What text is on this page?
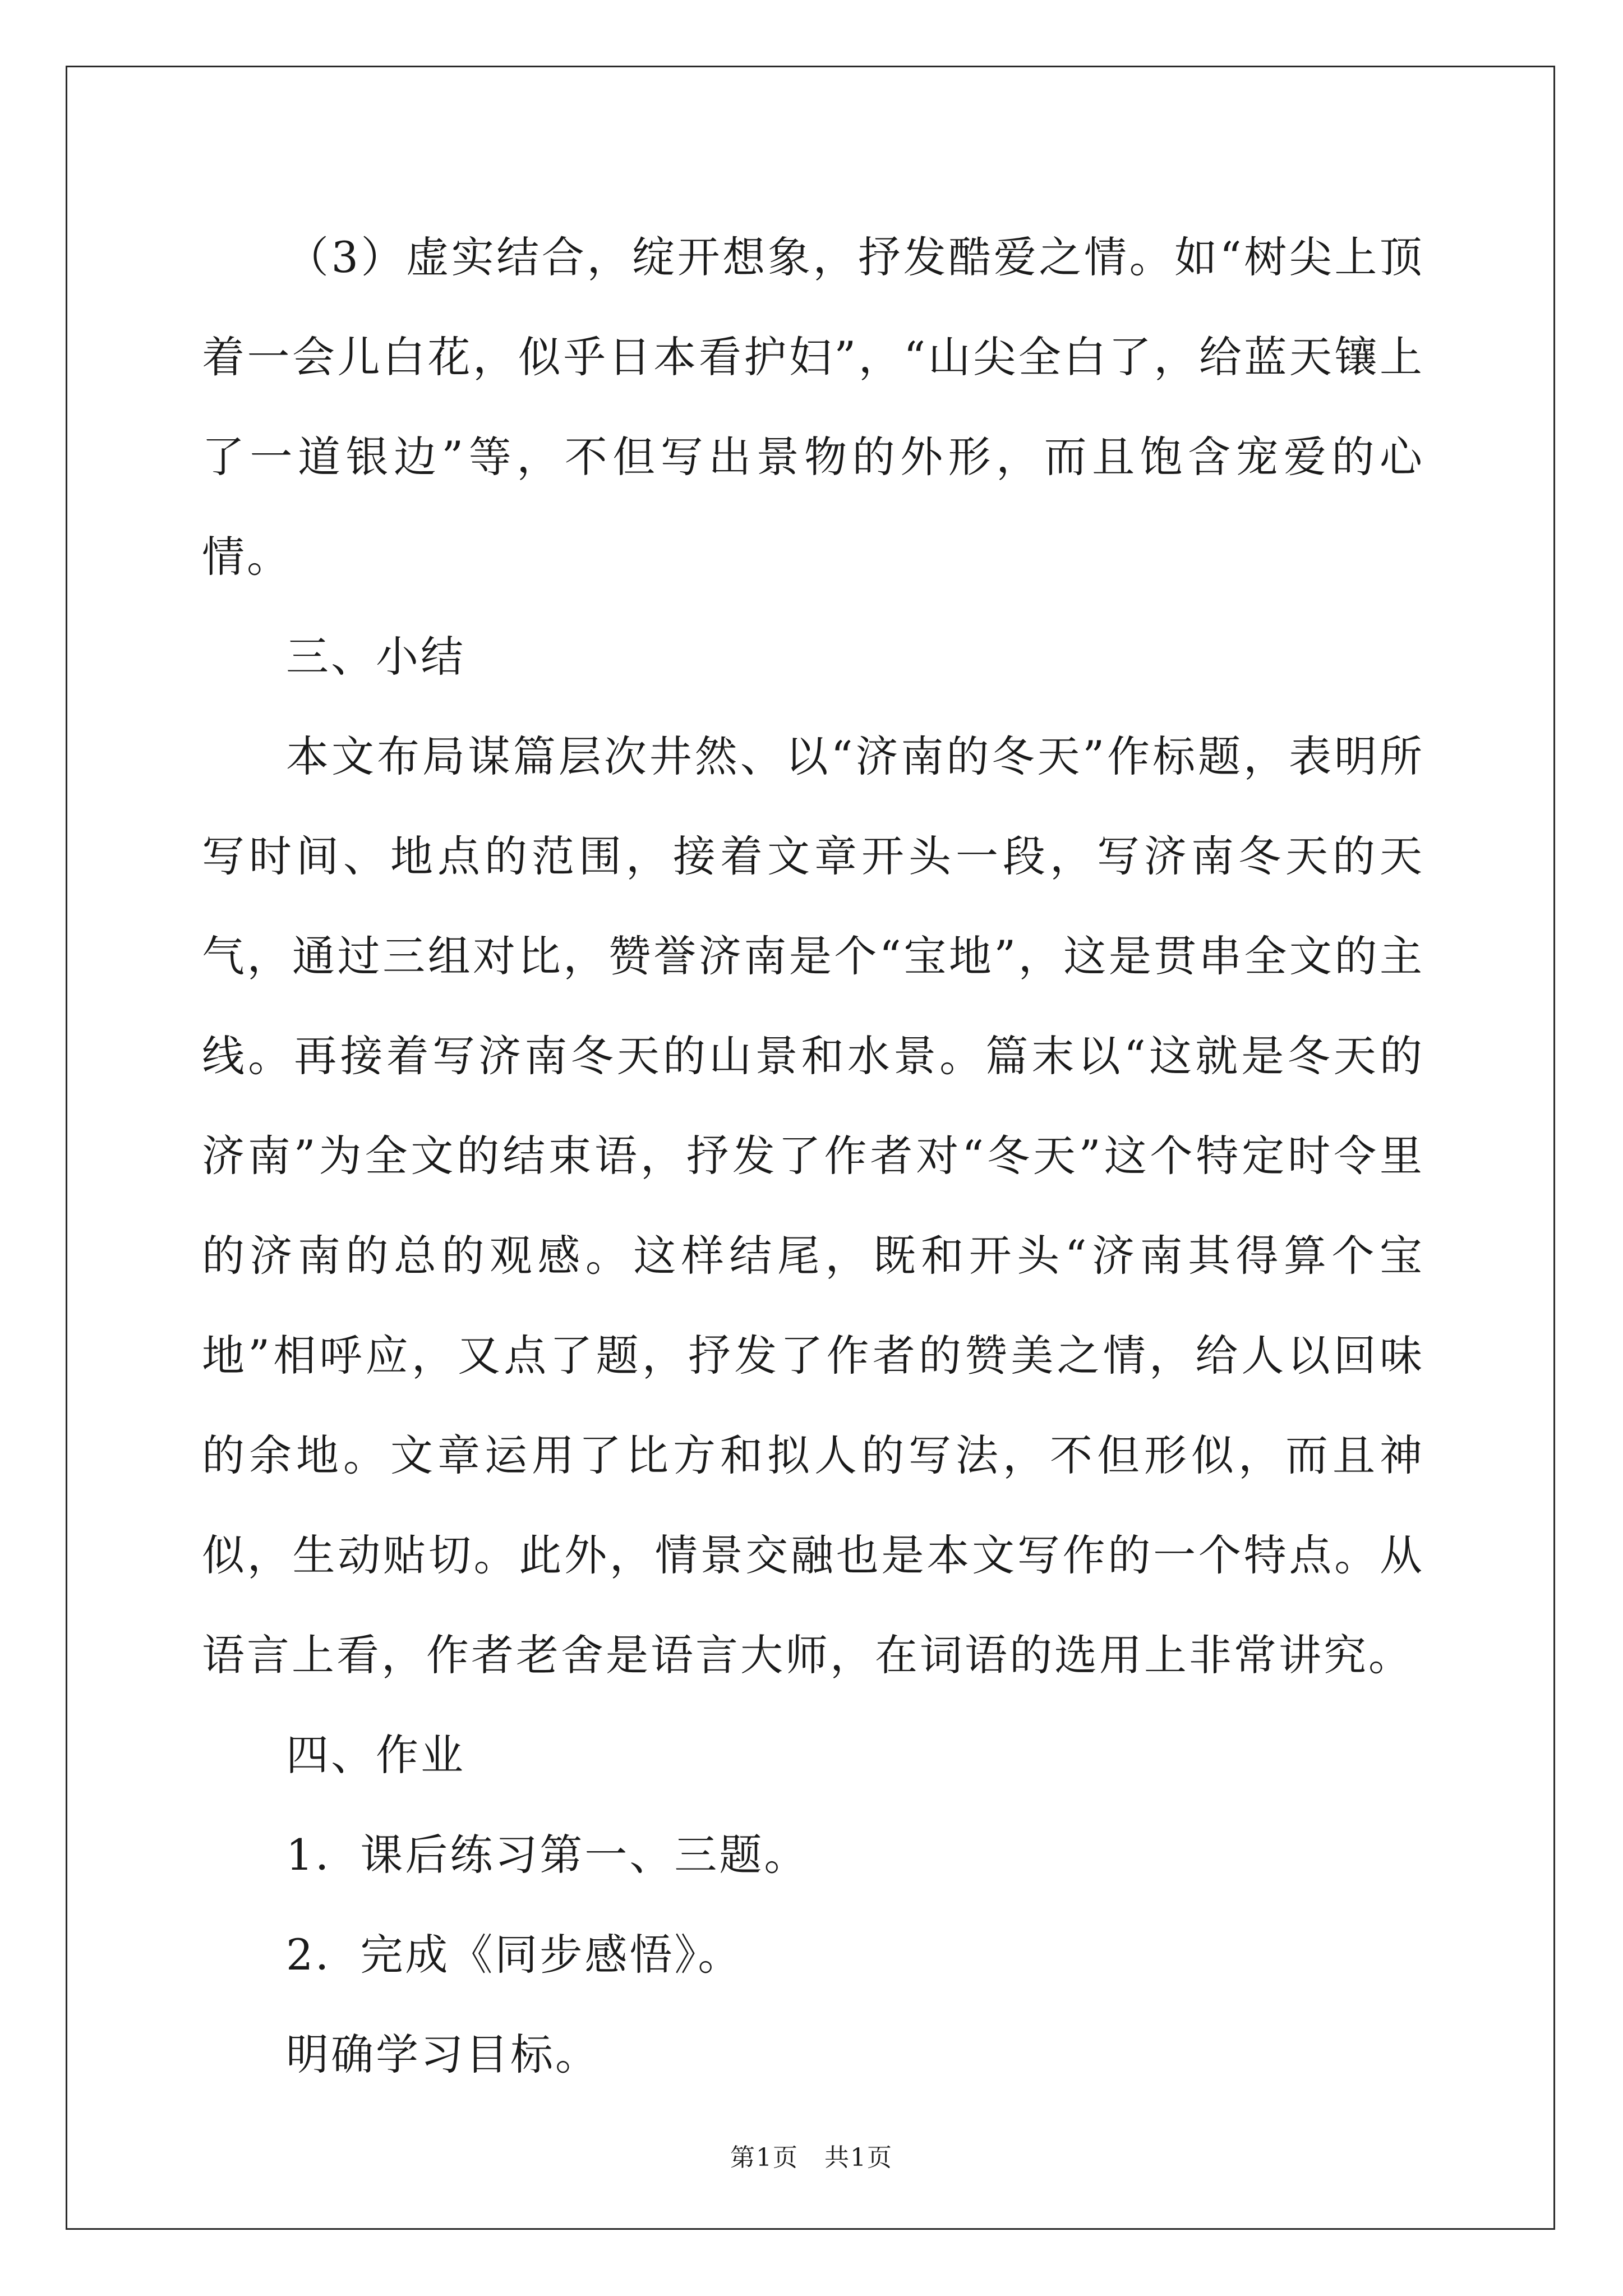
（3）虚实结合，绽开想象，抒发酷爱之情。如“树尖上顶着一会儿白花，似乎日本看护妇”，“山尖全白了，给蓝天镶上了一道银边”等，不但写出景物的外形，而且饱含宠爱的心情。

三、小结

本文布局谋篇层次井然、以“济南的冬天”作标题，表明所写时间、地点的范围，接着文章开头一段，写济南冬天的天气，通过三组对比，赞誉济南是个“宝地”，这是贯串全文的主线。再接着写济南冬天的山景和水景。篇末以“这就是冬天的济南”为全文的结束语，抒发了作者对“冬天”这个特定时令里的济南的总的观感。这样结尾，既和开头“济南其得算个宝地”相呼应，又点了题，抒发了作者的赞美之情，给人以回味的余地。文章运用了比方和拟人的写法，不但形似，而且神似，生动贴切。此外，情景交融也是本文写作的一个特点。从语言上看，作者老舍是语言大师，在词语的选用上非常讲究。

四、作业

1．课后练习第一、三题。

2．完成《同步感悟》。

明确学习目标。

第1页　共1页
